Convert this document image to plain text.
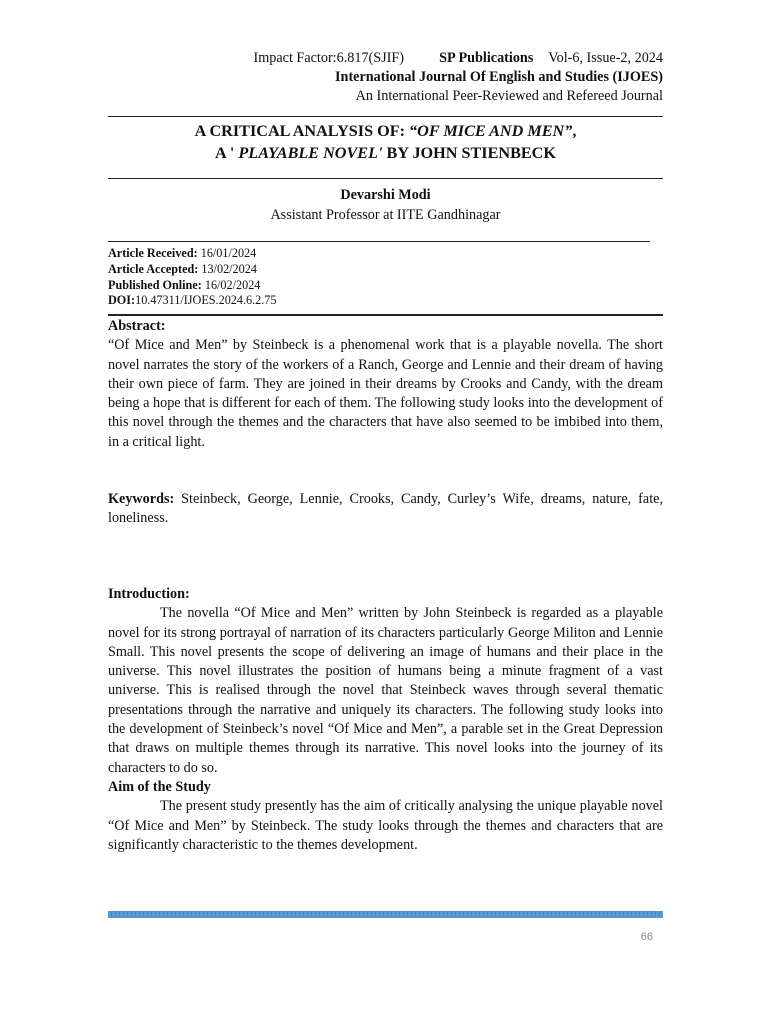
Impact Factor:6.817(SJIF) SP Publications Vol-6, Issue-2, 2024
International Journal Of English and Studies (IJOES)
An International Peer-Reviewed and Refereed Journal
A CRITICAL ANALYSIS OF: “OF MICE AND MEN”,
A ' PLAYABLE NOVEL' BY JOHN STIENBECK
Devarshi Modi
Assistant Professor at IITE Gandhinagar
Article Received: 16/01/2024
Article Accepted: 13/02/2024
Published Online: 16/02/2024
DOI:10.47311/IJOES.2024.6.2.75
Abstract:
“Of Mice and Men” by Steinbeck is a phenomenal work that is a playable novella. The short novel narrates the story of the workers of a Ranch, George and Lennie and their dream of having their own piece of farm. They are joined in their dreams by Crooks and Candy, with the dream being a hope that is different for each of them. The following study looks into the development of this novel through the themes and the characters that have also seemed to be imbibed into them, in a critical light.
Keywords: Steinbeck, George, Lennie, Crooks, Candy, Curley’s Wife, dreams, nature, fate, loneliness.
Introduction:
The novella “Of Mice and Men” written by John Steinbeck is regarded as a playable novel for its strong portrayal of narration of its characters particularly George Militon and Lennie Small. This novel presents the scope of delivering an image of humans and their place in the universe. This novel illustrates the position of humans being a minute fragment of a vast universe. This is realised through the novel that Steinbeck waves through several thematic presentations through the narrative and uniquely its characters. The following study looks into the development of Steinbeck’s novel “Of Mice and Men”, a parable set in the Great Depression that draws on multiple themes through its narrative. This novel looks into the journey of its characters to do so.
Aim of the Study
The present study presently has the aim of critically analysing the unique playable novel “Of Mice and Men” by Steinbeck. The study looks through the themes and characters that are significantly characteristic to the themes development.
66
